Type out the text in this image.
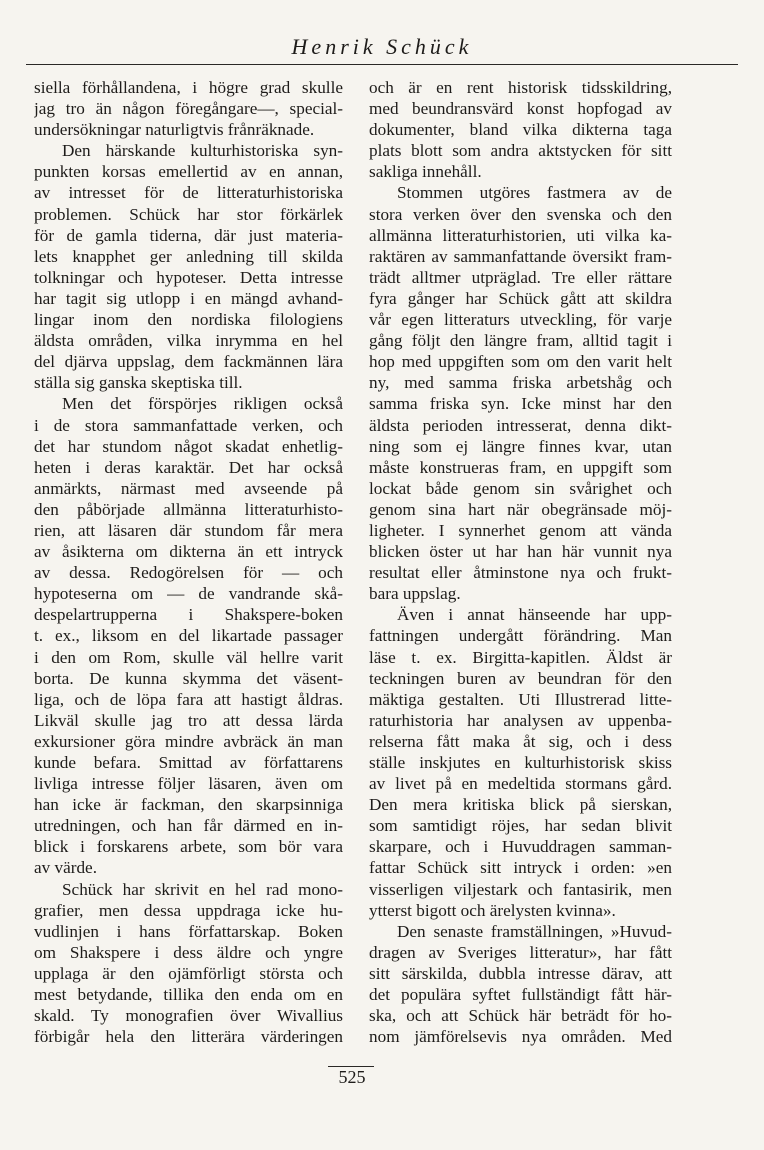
Henrik Schück
siella förhållandena, i högre grad skulle
jag tro än någon föregångare—, special-
undersökningar naturligtvis frånräknade.
Den härskande kulturhistoriska syn-
punkten korsas emellertid av en annan,
av intresset för de litteraturhistoriska
problemen. Schück har stor förkärlek
för de gamla tiderna, där just materia-
lets knapphet ger anledning till skilda
tolkningar och hypoteser. Detta intresse
har tagit sig utlopp i en mängd avhand-
lingar inom den nordiska filologiens
äldsta områden, vilka inrymma en hel
del djärva uppslag, dem fackmännen lära
ställa sig ganska skeptiska till.
Men det förspörjes rikligen också
i de stora sammanfattade verken, och
det har stundom något skadat enhetlig-
heten i deras karaktär. Det har också
anmärkts, närmast med avseende på
den påbörjade allmänna litteraturhisto-
rien, att läsaren där stundom får mera
av åsikterna om dikterna än ett intryck
av dessa. Redogörelsen för — och
hypoteserna om — de vandrande skå-
despelartrupperna i Shakspere-boken
t. ex., liksom en del likartade passager
i den om Rom, skulle väl hellre varit
borta. De kunna skymma det väsent-
liga, och de löpa fara att hastigt åldras.
Likväl skulle jag tro att dessa lärda
exkursioner göra mindre avbräck än man
kunde befara. Smittad av författarens
livliga intresse följer läsaren, även om
han icke är fackman, den skarpsinniga
utredningen, och han får därmed en in-
blick i forskarens arbete, som bör vara
av värde.
Schück har skrivit en hel rad mono-
grafier, men dessa uppdraga icke hu-
vudlinjen i hans författarskap. Boken
om Shakspere i dess äldre och yngre
upplaga är den ojämförligt största och
mest betydande, tillika den enda om en
skald. Ty monografien över Wivallius
förbigår hela den litterära värderingen
och är en rent historisk tidsskildring,
med beundransvärd konst hopfogad av
dokumenter, bland vilka dikterna taga
plats blott som andra aktstycken för sitt
sakliga innehåll.
Stommen utgöres fastmera av de
stora verken över den svenska och den
allmänna litteraturhistorien, uti vilka ka-
raktären av sammanfattande översikt fram-
trädt alltmer utpräglad. Tre eller rättare
fyra gånger har Schück gått att skildra
vår egen litteraturs utveckling, för varje
gång följt den längre fram, alltid tagit i
hop med uppgiften som om den varit helt
ny, med samma friska arbetshåg och
samma friska syn. Icke minst har den
äldsta perioden intresserat, denna dikt-
ning som ej längre finnes kvar, utan
måste konstrueras fram, en uppgift som
lockat både genom sin svårighet och
genom sina hart när obegränsade möj-
ligheter. I synnerhet genom att vända
blicken öster ut har han här vunnit nya
resultat eller åtminstone nya och frukt-
bara uppslag.
Även i annat hänseende har upp-
fattningen undergått förändring. Man
läse t. ex. Birgitta-kapitlen. Äldst är
teckningen buren av beundran för den
mäktiga gestalten. Uti Illustrerad litte-
raturhistoria har analysen av uppenba-
relserna fått maka åt sig, och i dess
ställe inskjutes en kulturhistorisk skiss
av livet på en medeltida stormans gård.
Den mera kritiska blick på sierskan,
som samtidigt röjes, har sedan blivit
skarpare, och i Huvuddragen samman-
fattar Schück sitt intryck i orden: »en
visserligen viljestark och fantasirik, men
ytterst bigott och ärelysten kvinna».
Den senaste framställningen, »Huvud-
dragen av Sveriges litteratur», har fått
sitt särskilda, dubbla intresse därav, att
det populära syftet fullständigt fått här-
ska, och att Schück här beträdt för ho-
nom jämförelsevis nya områden. Med
525
